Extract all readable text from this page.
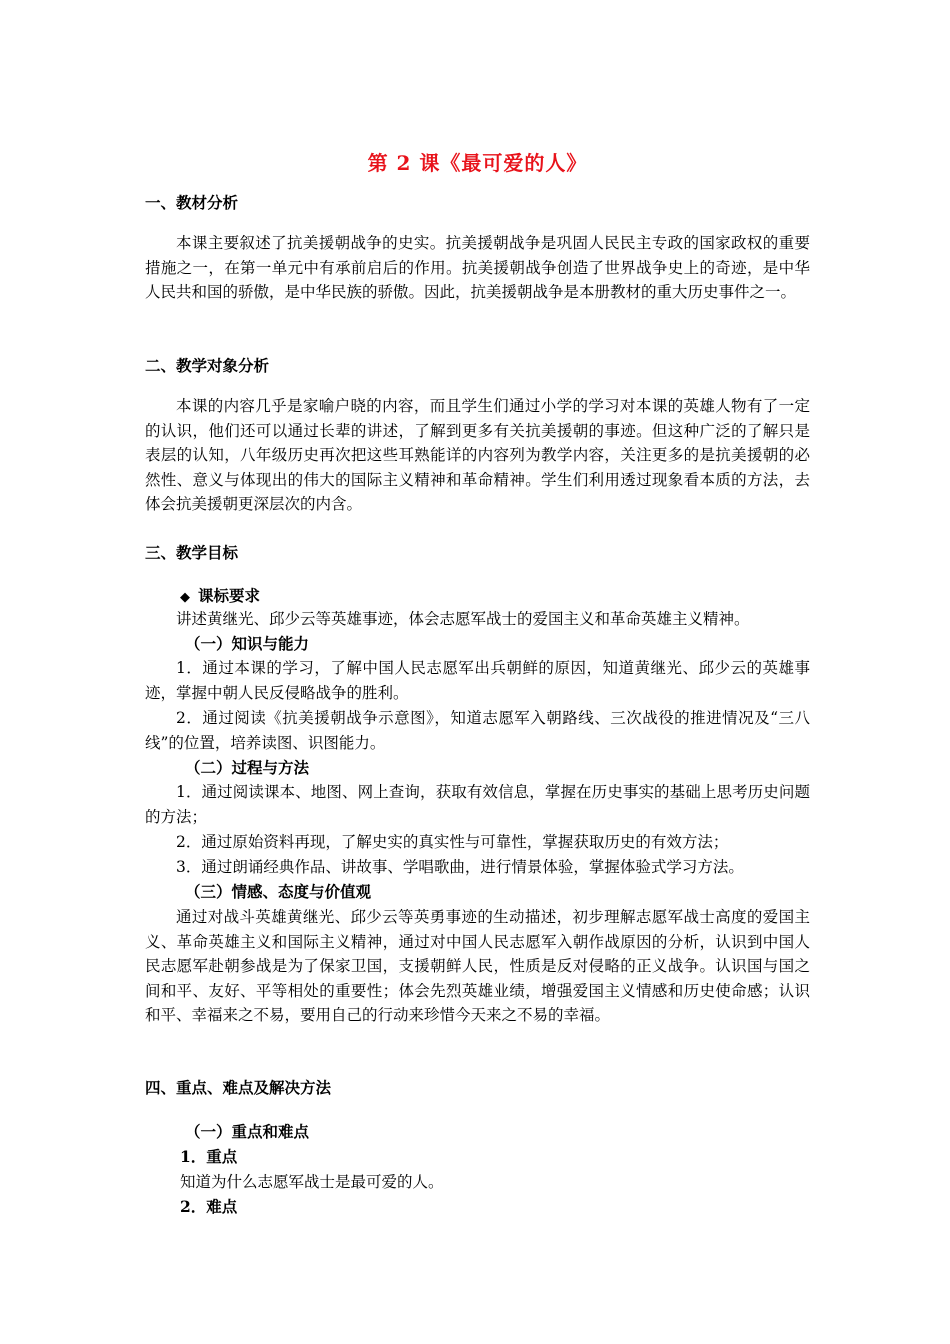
第 2 课《最可爱的人》
一、教材分析
本课主要叙述了抗美援朝战争的史实。抗美援朝战争是巩固人民民主专政的国家政权的重要措施之一，在第一单元中有承前启后的作用。抗美援朝战争创造了世界战争史上的奇迹，是中华人民共和国的骄傲，是中华民族的骄傲。因此，抗美援朝战争是本册教材的重大历史事件之一。
二、教学对象分析
本课的内容几乎是家喻户晓的内容，而且学生们通过小学的学习对本课的英雄人物有了一定的认识，他们还可以通过长辈的讲述，了解到更多有关抗美援朝的事迹。但这种广泛的了解只是表层的认知，八年级历史再次把这些耳熟能详的内容列为教学内容，关注更多的是抗美援朝的必然性、意义与体现出的伟大的国际主义精神和革命精神。学生们利用透过现象看本质的方法，去体会抗美援朝更深层次的内含。
三、教学目标
◆ 课标要求
讲述黄继光、邱少云等英雄事迹，体会志愿军战士的爱国主义和革命英雄主义精神。
（一）知识与能力
1．通过本课的学习，了解中国人民志愿军出兵朝鲜的原因，知道黄继光、邱少云的英雄事迹，掌握中朝人民反侵略战争的胜利。
2．通过阅读《抗美援朝战争示意图》，知道志愿军入朝路线、三次战役的推进情况及“三八线”的位置，培养读图、识图能力。
（二）过程与方法
1．通过阅读课本、地图、网上查询，获取有效信息，掌握在历史事实的基础上思考历史问题的方法；
2．通过原始资料再现，了解史实的真实性与可靠性，掌握获取历史的有效方法；
3．通过朗诵经典作品、讲故事、学唱歌曲，进行情景体验，掌握体验式学习方法。
（三）情感、态度与价值观
通过对战斗英雄黄继光、邱少云等英勇事迹的生动描述，初步理解志愿军战士高度的爱国主义、革命英雄主义和国际主义精神，通过对中国人民志愿军入朝作战原因的分析，认识到中国人民志愿军赴朝参战是为了保家卫国，支援朝鲜人民，性质是反对侵略的正义战争。认识国与国之间和平、友好、平等相处的重要性；体会先烈英雄业绩，增强爱国主义情感和历史使命感；认识和平、幸福来之不易，要用自己的行动来珍惜今天来之不易的幸福。
四、重点、难点及解决方法
（一）重点和难点
1．重点
知道为什么志愿军战士是最可爱的人。
2．难点
